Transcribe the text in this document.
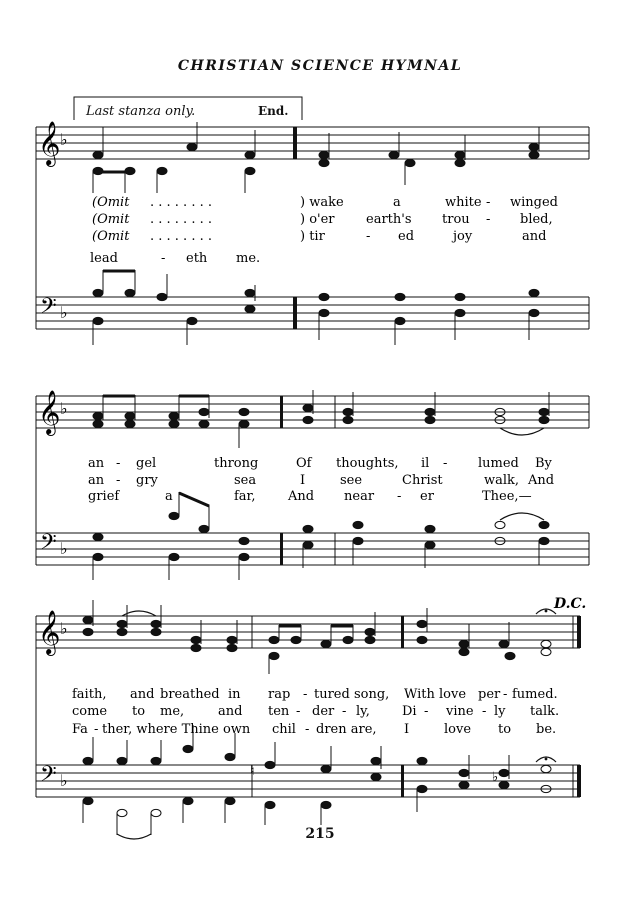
CHRISTIAN SCIENCE HYMNAL
Last stanza only.	End.
𝄞
𝄢
♭
♭
(Omit . . . . . . . .	) wake	a	white - winged
(Omit . . . . . . . .	) o'er earth's trou - bled,
(Omit . . . . . . . .	) tir	- ed	joy	and
lead	- eth me.
𝄞
𝄢
♭
♭
an - gel	throng	Of thoughts, il - lumed By
an - gry	sea	I	see	Christ	walk, And
grief	a -	far,	And near - er	Thee,—
𝄞
𝄢
♭
♭
D.C.
♮	♭
faith, and breathed in rap - tured song, With love per - fumed.
come to me,	and ten - der - ly, Di - vine - ly talk.
Fa - ther, where Thine own chil - dren are, I	love to be.
215
